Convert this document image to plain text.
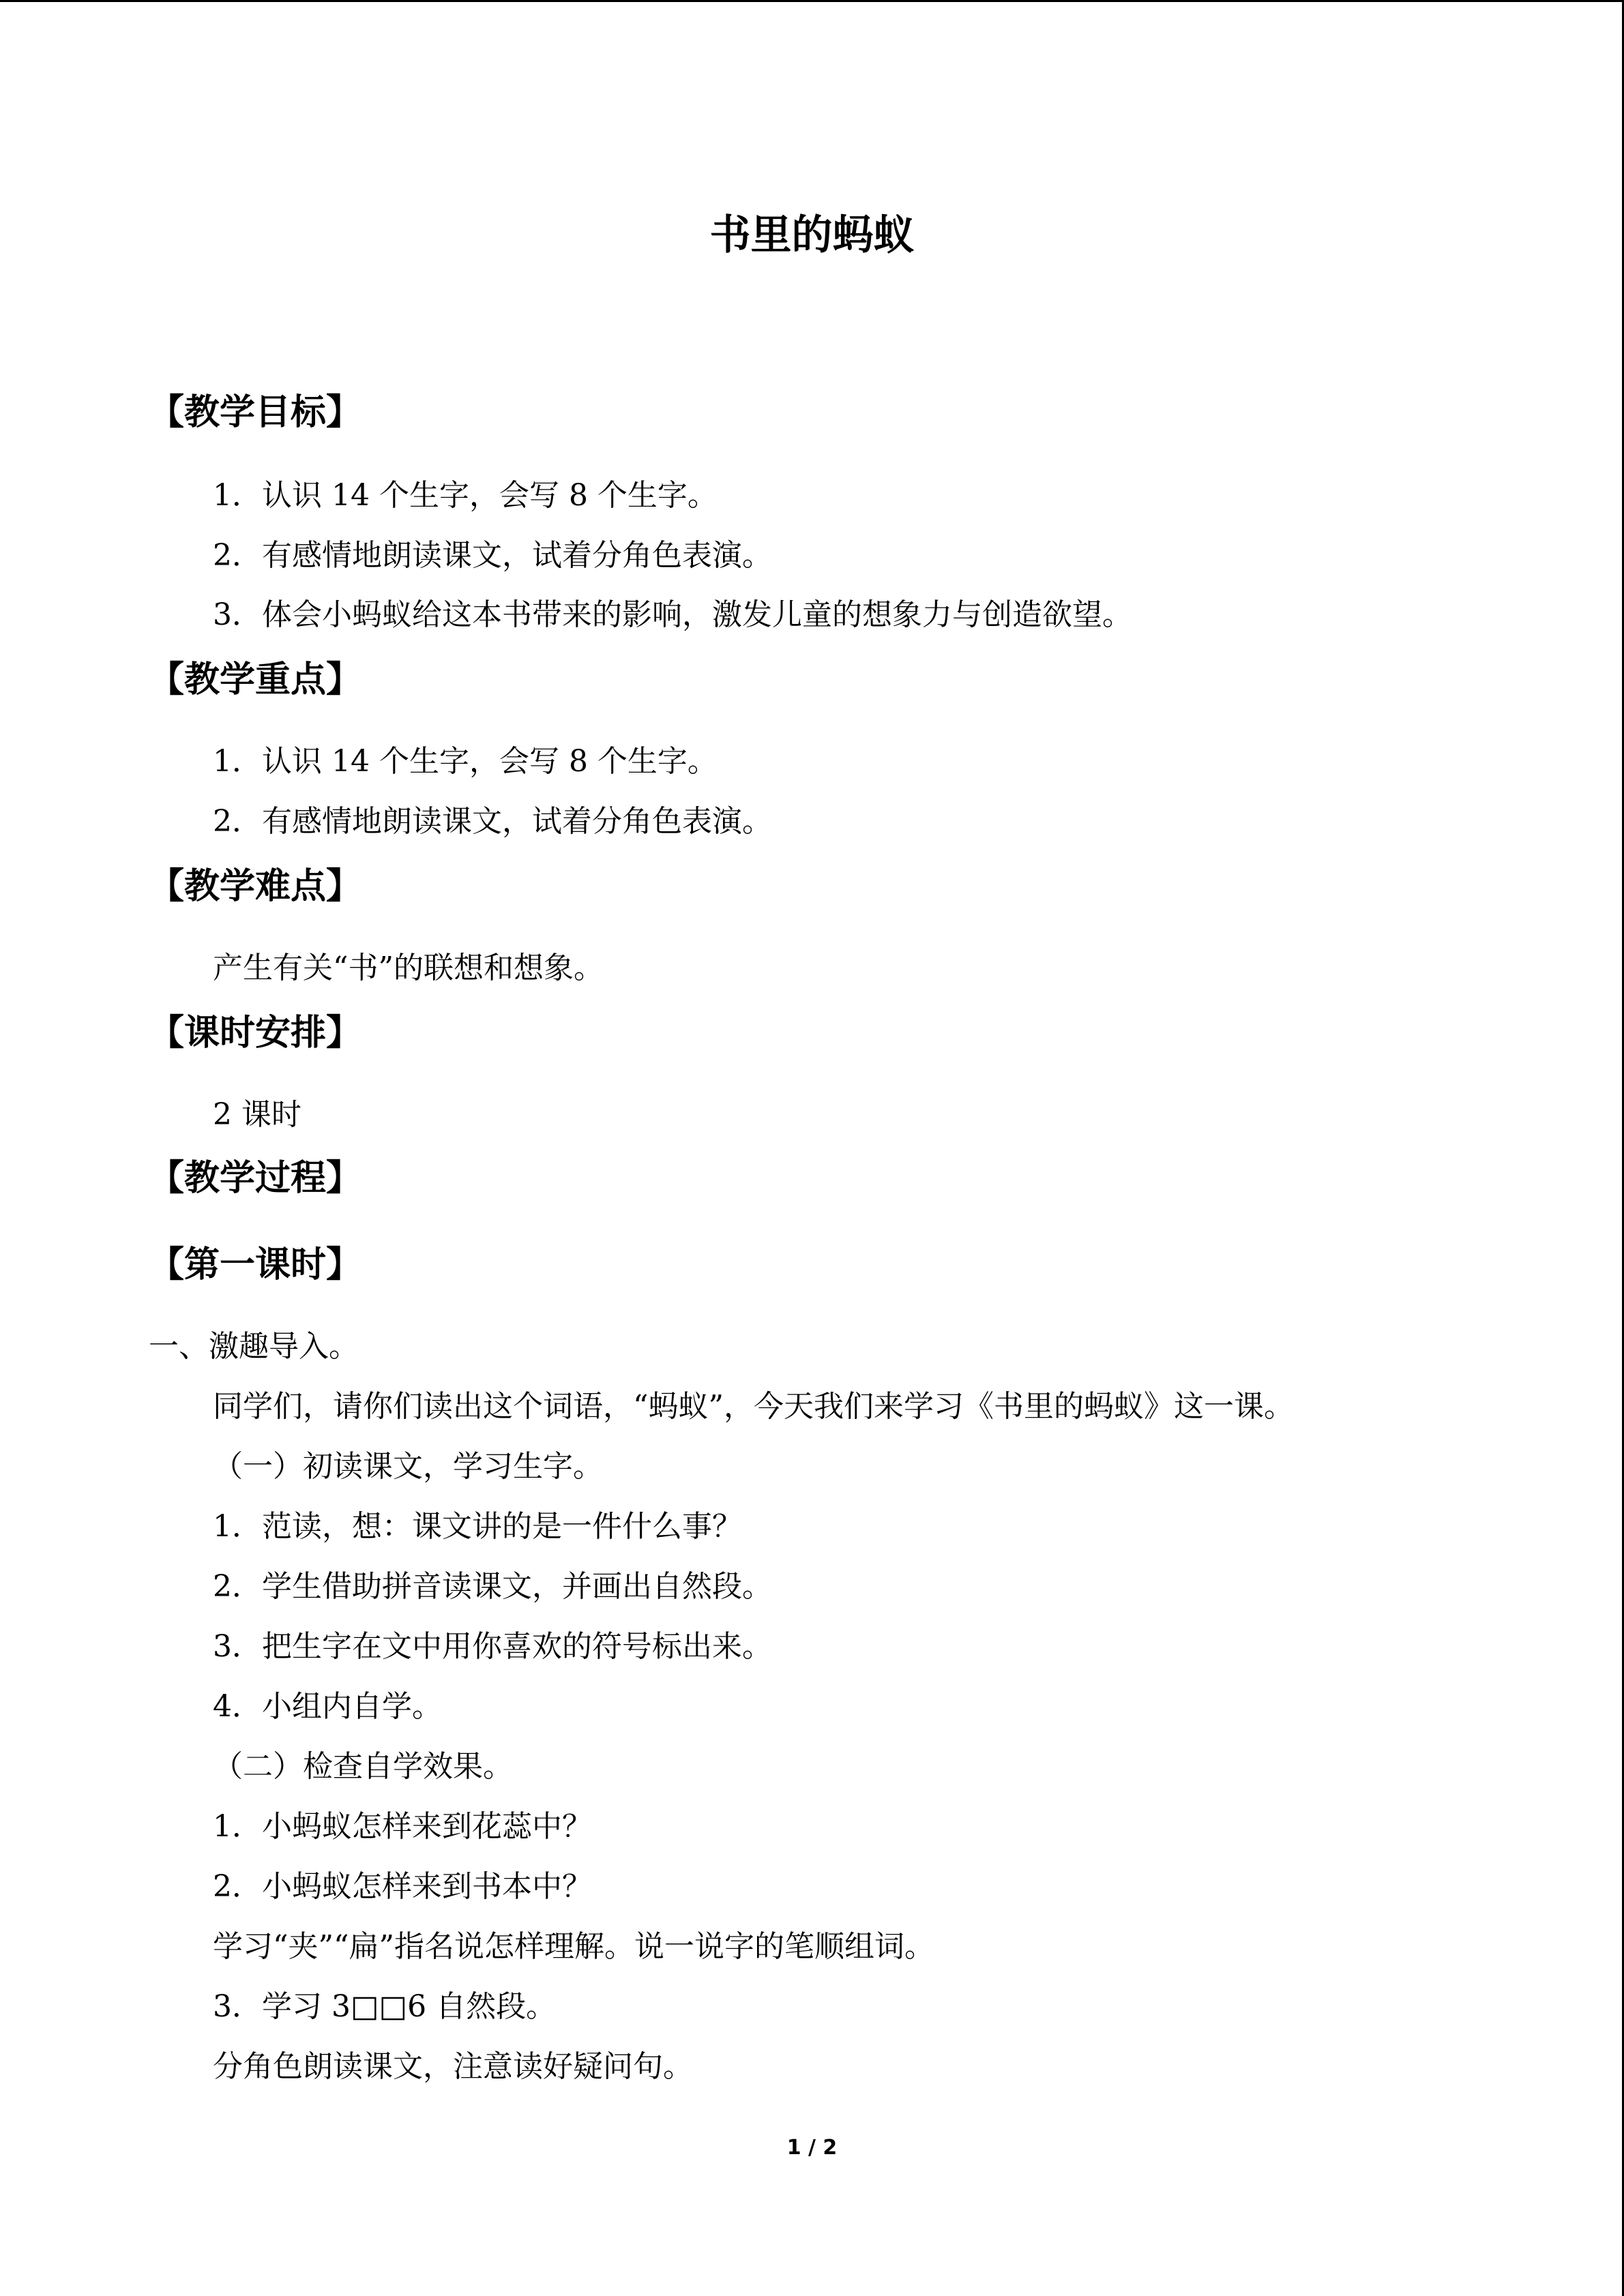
书里的蚂蚁
【教学目标】

1．认识 14 个生字，会写 8 个生字。

2．有感情地朗读课文，试着分角色表演。

3．体会小蚂蚁给这本书带来的影响，激发儿童的想象力与创造欲望。

【教学重点】

1．认识 14 个生字，会写 8 个生字。

2．有感情地朗读课文，试着分角色表演。

【教学难点】

产生有关“书”的联想和想象。

【课时安排】

2 课时

【教学过程】
【第一课时】

一、激趣导入。

同学们，请你们读出这个词语，“蚂蚁”，今天我们来学习《书里的蚂蚁》这一课。

（一）初读课文，学习生字。

1．范读，想：课文讲的是一件什么事？

2．学生借助拼音读课文，并画出自然段。

3．把生字在文中用你喜欢的符号标出来。

4．小组内自学。

（二）检查自学效果。

1．小蚂蚁怎样来到花蕊中？

2．小蚂蚁怎样来到书本中？

学习“夹”“扁”指名说怎样理解。说一说字的笔顺组词。

3．学习 3□□6 自然段。

分角色朗读课文，注意读好疑问句。

1 / 2
